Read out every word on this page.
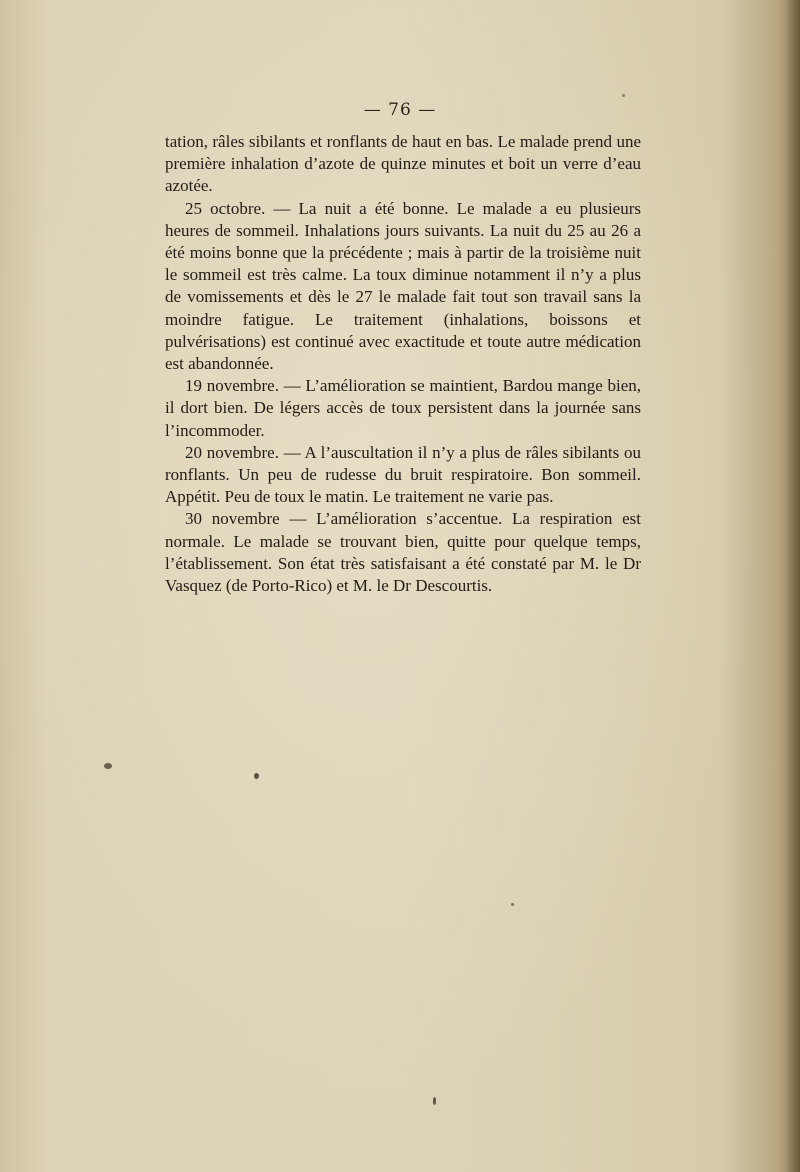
— 76 —

tation, râles sibilants et ronflants de haut en bas. Le malade prend une première inhalation d’azote de quinze minutes et boit un verre d’eau azotée.

25 octobre. — La nuit a été bonne. Le malade a eu plusieurs heures de sommeil. Inhalations jours suivants. La nuit du 25 au 26 a été moins bonne que la précédente ; mais à partir de la troisième nuit le sommeil est très calme. La toux diminue notamment il n’y a plus de vomissements et dès le 27 le malade fait tout son travail sans la moindre fatigue. Le traitement (inhalations, boissons et pulvérisations) est continué avec exactitude et toute autre médication est abandonnée.

19 novembre. — L’amélioration se maintient, Bardou mange bien, il dort bien. De légers accès de toux persistent dans la journée sans l’incommoder.

20 novembre. — A l’auscultation il n’y a plus de râles sibilants ou ronflants. Un peu de rudesse du bruit respiratoire. Bon sommeil. Appétit. Peu de toux le matin. Le traitement ne varie pas.

30 novembre — L’amélioration s’accentue. La respiration est normale. Le malade se trouvant bien, quitte pour quelque temps, l’établissement. Son état très satisfaisant a été constaté par M. le Dr Vasquez (de Porto-Rico) et M. le Dr Descourtis.
